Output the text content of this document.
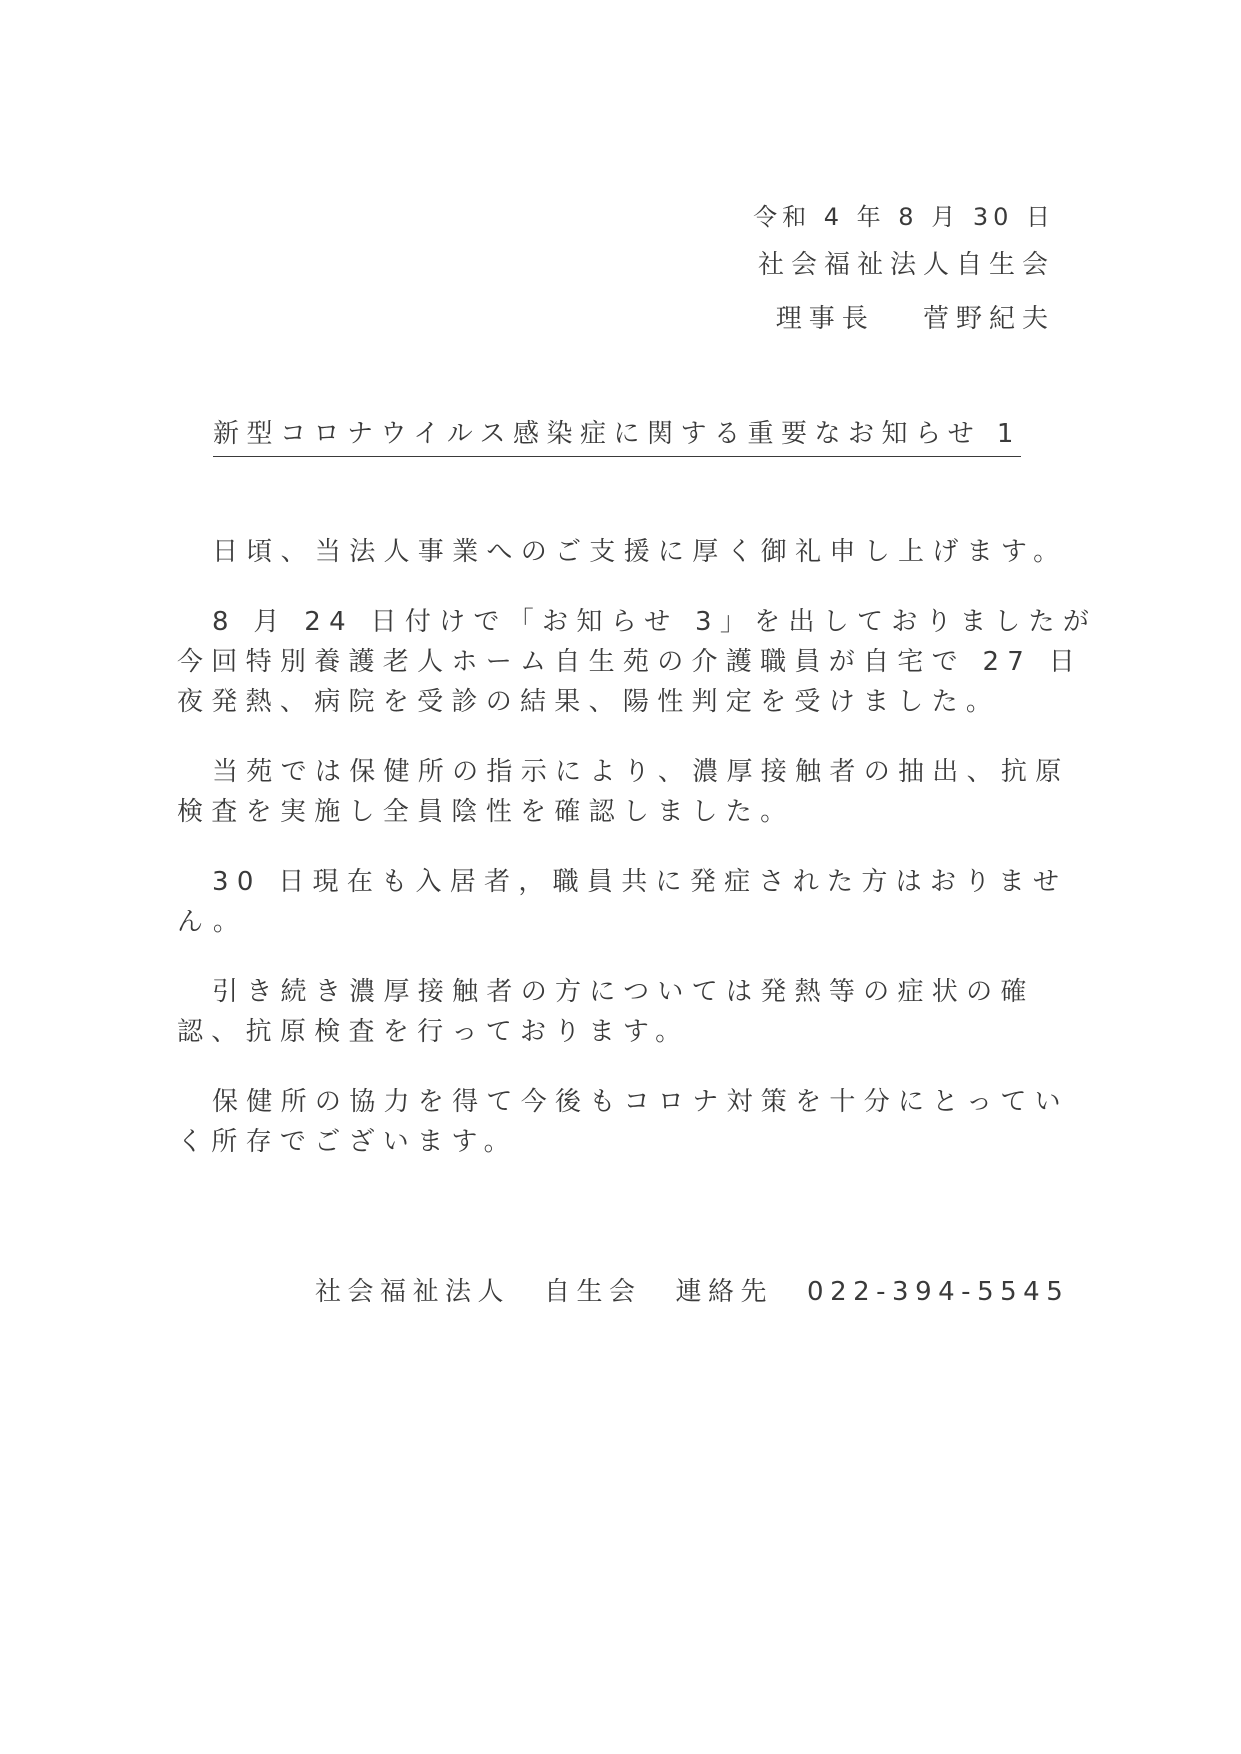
令和 4 年 8 月 30 日
社会福祉法人自生会
理事長　 菅野紀夫
新型コロナウイルス感染症に関する重要なお知らせ 1

日頃、当法人事業へのご支援に厚く御礼申し上げます。

8 月 24 日付けで「お知らせ 3」を出しておりましたが
今回特別養護老人ホーム自生苑の介護職員が自宅で 27 日
夜発熱、病院を受診の結果、陽性判定を受けました。

当苑では保健所の指示により、濃厚接触者の抽出、抗原
検査を実施し全員陰性を確認しました。

30 日現在も入居者，職員共に発症された方はおりませ
ん。

引き続き濃厚接触者の方については発熱等の症状の確
認、抗原検査を行っております。

保健所の協力を得て今後もコロナ対策を十分にとってい
く所存でございます。

社会福祉法人 自生会 連絡先 022-394-5545
